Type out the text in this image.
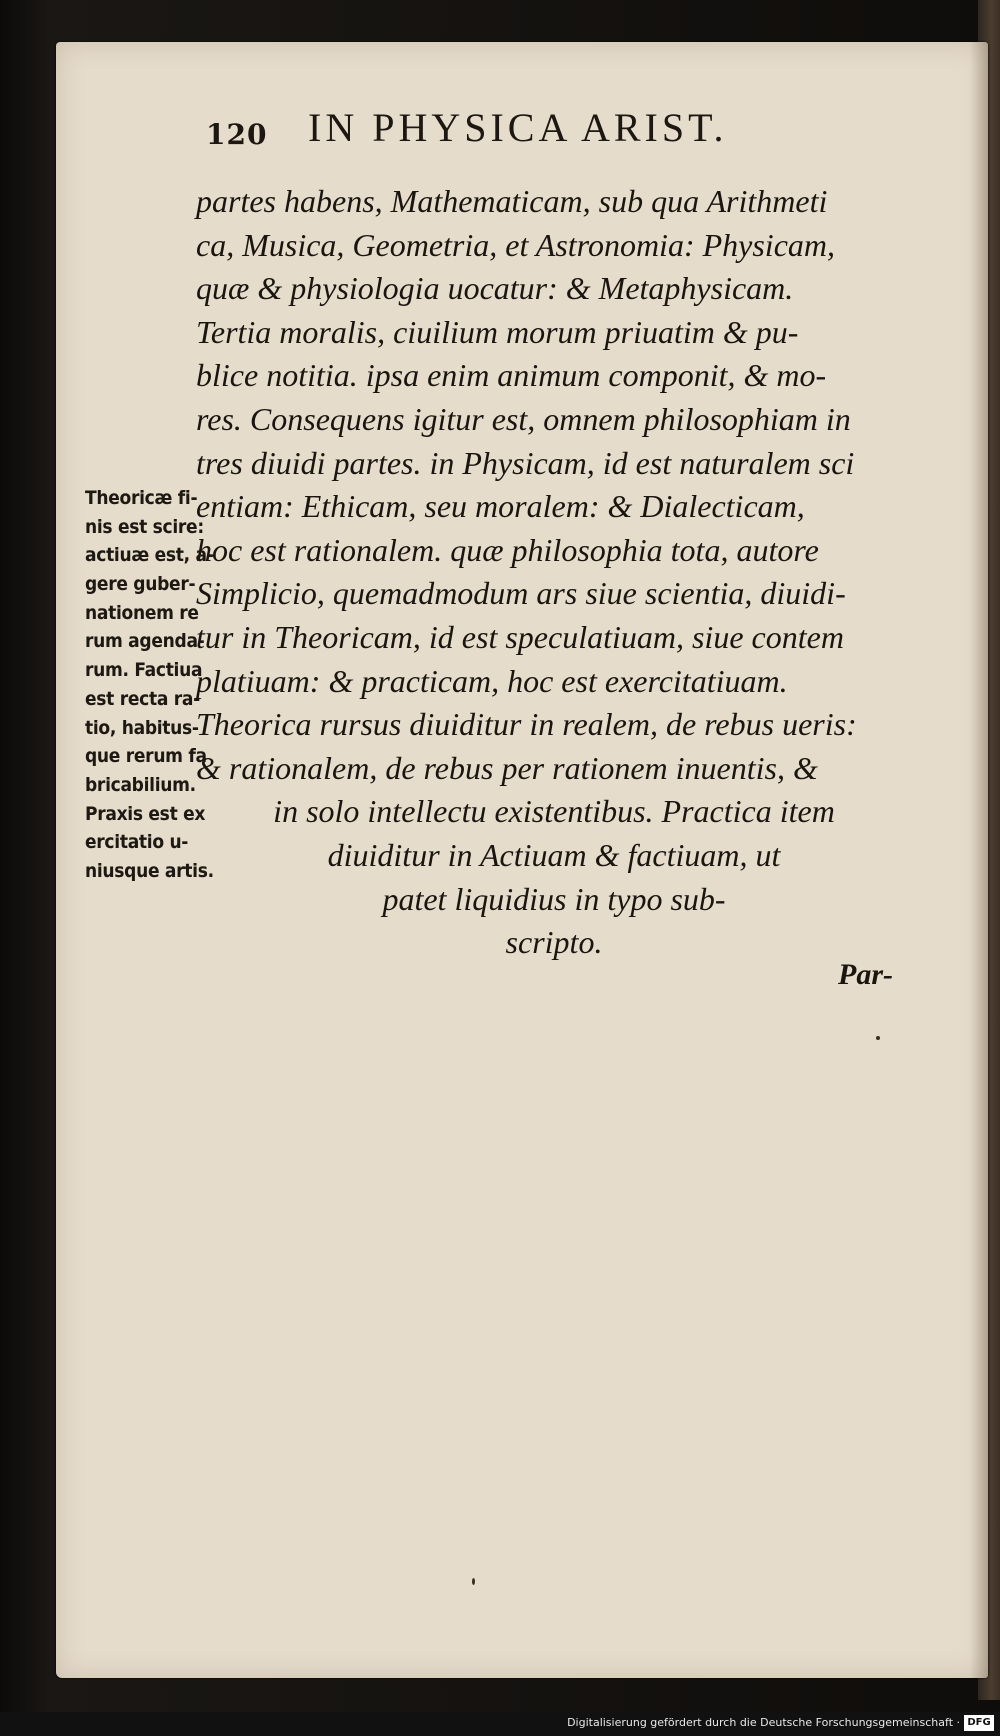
120 IN PHYSICA ARIST.
partes habens, Mathematicam, sub qua Arithmeti
ca, Musica, Geometria, et Astronomia: Physicam,
quæ & physiologia uocatur: & Metaphysicam.
Tertia moralis, ciuilium morum priuatim & pu-
blice notitia. ipsa enim animum componit, & mo-
res. Consequens igitur est, omnem philosophiam in
tres diuidi partes. in Physicam, id est naturalem sci
entiam: Ethicam, seu moralem: & Dialecticam,
hoc est rationalem. quæ philosophia tota, autore
Simplicio, quemadmodum ars siue scientia, diuidi-
tur in Theoricam, id est speculatiuam, siue contem
platiuam: & practicam, hoc est exercitatiuam.
Theorica rursus diuiditur in realem, de rebus ueris:
& rationalem, de rebus per rationem inuentis, &
in solo intellectu existentibus. Practica item
diuiditur in Actiuam & factiuam, ut
patet liquidius in typo sub-
scripto.
Par-
Theoricæ fi-
nis est scire:
actiuæ est, a-
gere guber-
nationem re
rum agenda-
rum. Factiua
est recta ra-
tio, habitus-
que rerum fa
bricabilium.
Praxis est ex
ercitatio u-
niusque artis.
Digitalisierung gefördert durch die Deutsche Forschungsgemeinschaft · DFG
